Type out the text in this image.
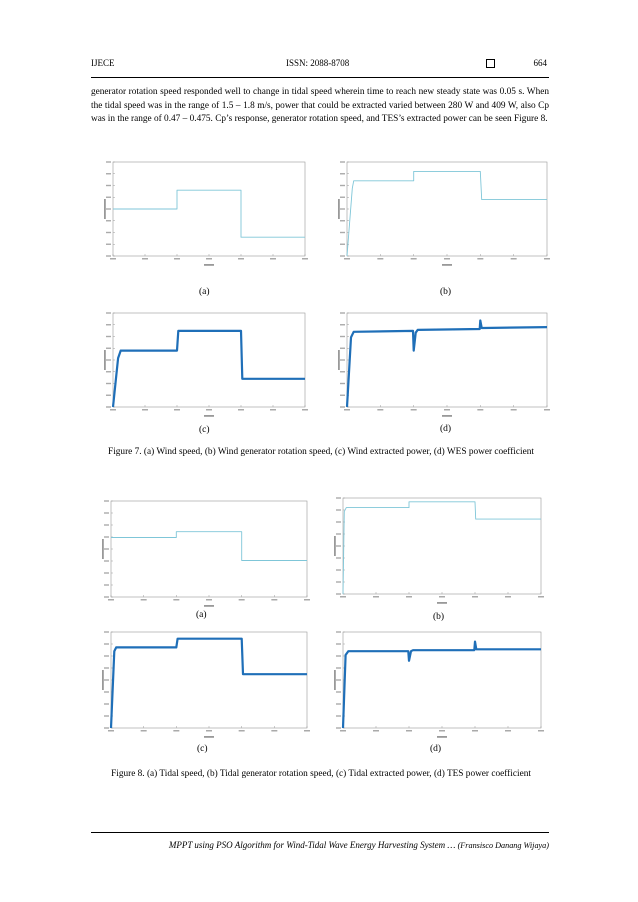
IJECE	ISSN: 2088-8708	664
generator rotation speed responded well to change in tidal speed wherein time to reach new steady state was 0.05 s. When the tidal speed was in the range of 1.5 – 1.8 m/s, power that could be extracted varied between 280 W and 409 W, also Cp was in the range of 0.47 – 0.475. Cp’s response, generator rotation speed, and TES’s extracted power can be seen Figure 8.
(a)	(b)
(c)	(d)
Figure 7. (a) Wind speed, (b) Wind generator rotation speed, (c) Wind extracted power, (d) WES power coefficient
(a)	(b)
(c)	(d)
Figure 8. (a) Tidal speed, (b) Tidal generator rotation speed, (c) Tidal extracted power, (d) TES power coefficient
MPPT using PSO Algorithm for Wind-Tidal Wave Energy Harvesting System … (Fransisco Danang Wijaya)
